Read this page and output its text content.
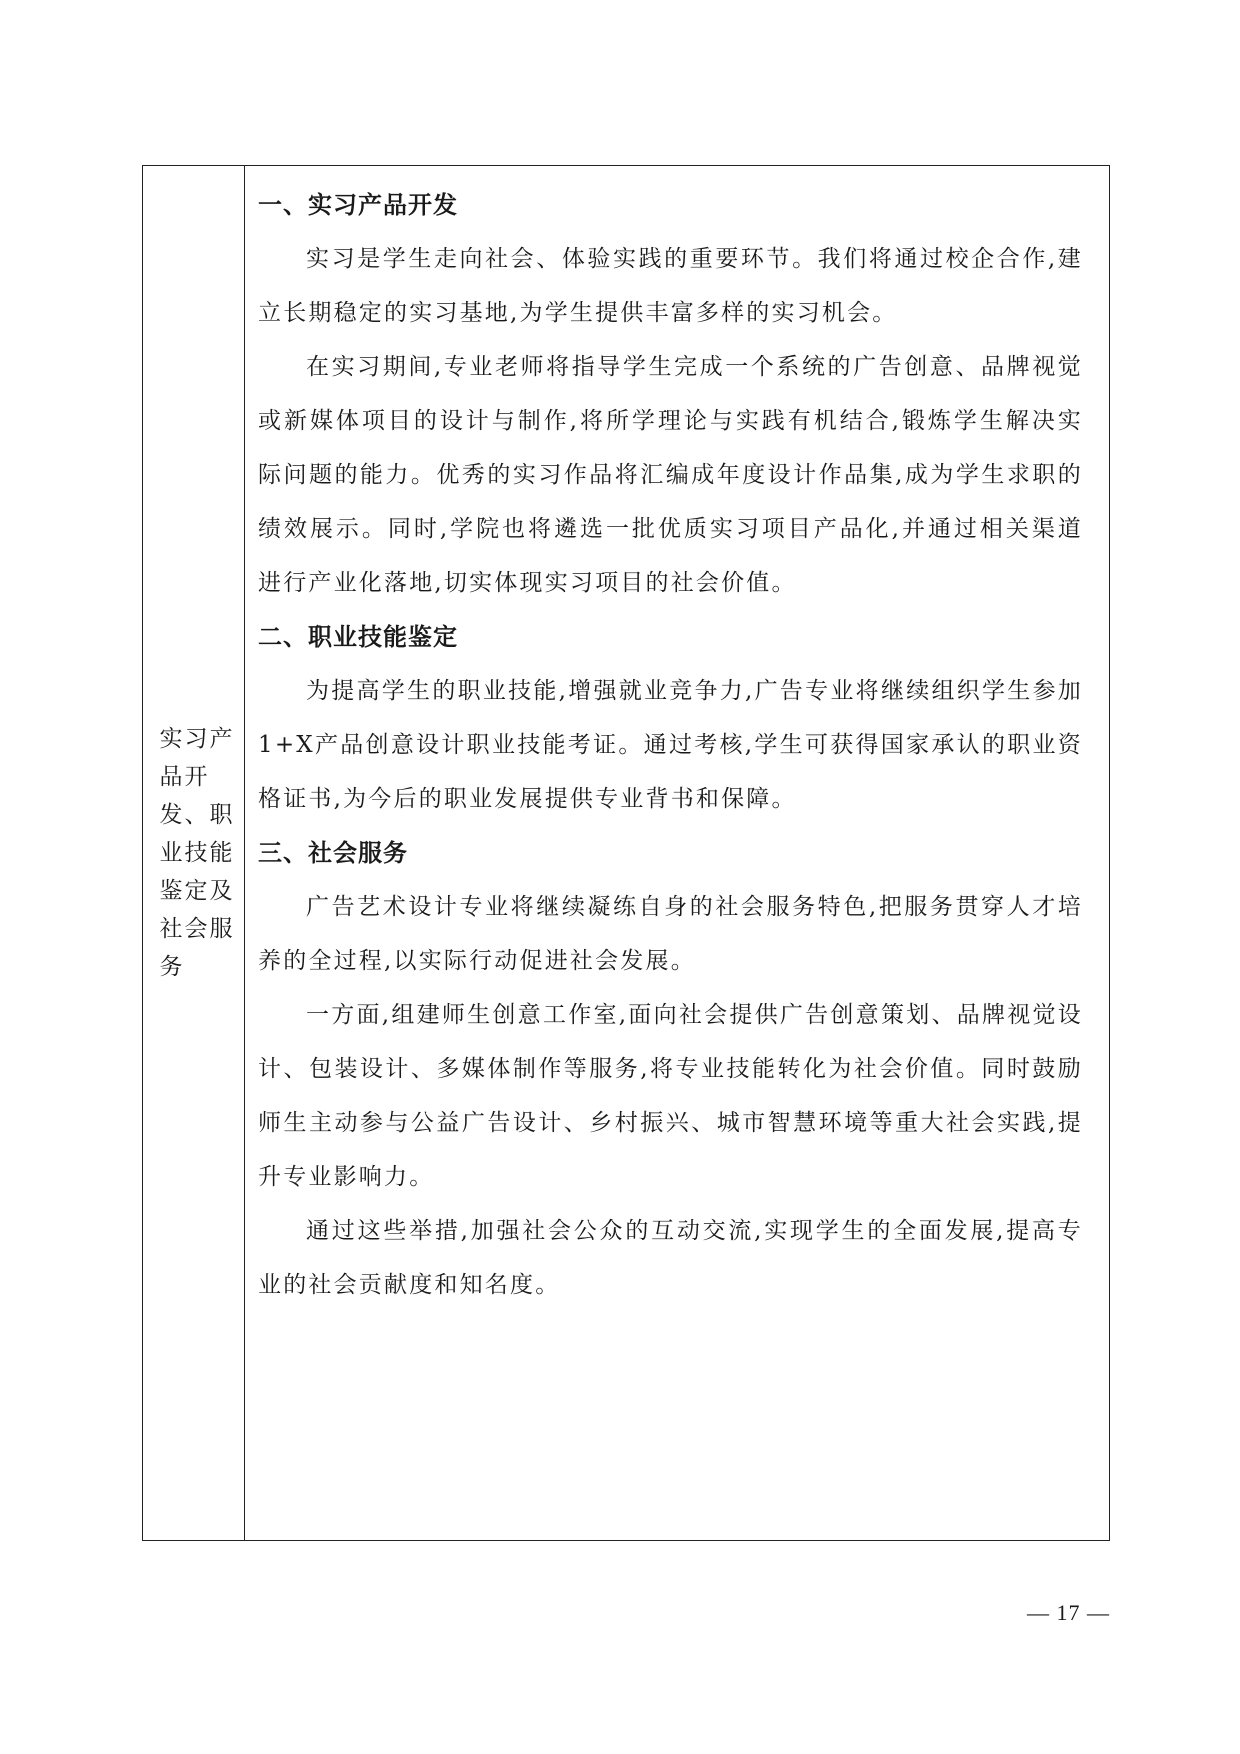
实习产品开发、职业技能鉴定及社会服务
一、实习产品开发

实习是学生走向社会、体验实践的重要环节。我们将通过校企合作,建立长期稳定的实习基地,为学生提供丰富多样的实习机会。

在实习期间,专业老师将指导学生完成一个系统的广告创意、品牌视觉或新媒体项目的设计与制作,将所学理论与实践有机结合,锻炼学生解决实际问题的能力。优秀的实习作品将汇编成年度设计作品集,成为学生求职的绩效展示。同时,学院也将遴选一批优质实习项目产品化,并通过相关渠道进行产业化落地,切实体现实习项目的社会价值。

二、职业技能鉴定

为提高学生的职业技能,增强就业竞争力,广告专业将继续组织学生参加1+X产品创意设计职业技能考证。通过考核,学生可获得国家承认的职业资格证书,为今后的职业发展提供专业背书和保障。

三、社会服务

广告艺术设计专业将继续凝练自身的社会服务特色,把服务贯穿人才培养的全过程,以实际行动促进社会发展。

一方面,组建师生创意工作室,面向社会提供广告创意策划、品牌视觉设计、包装设计、多媒体制作等服务,将专业技能转化为社会价值。同时鼓励师生主动参与公益广告设计、乡村振兴、城市智慧环境等重大社会实践,提升专业影响力。

通过这些举措,加强社会公众的互动交流,实现学生的全面发展,提高专业的社会贡献度和知名度。

— 17 —
